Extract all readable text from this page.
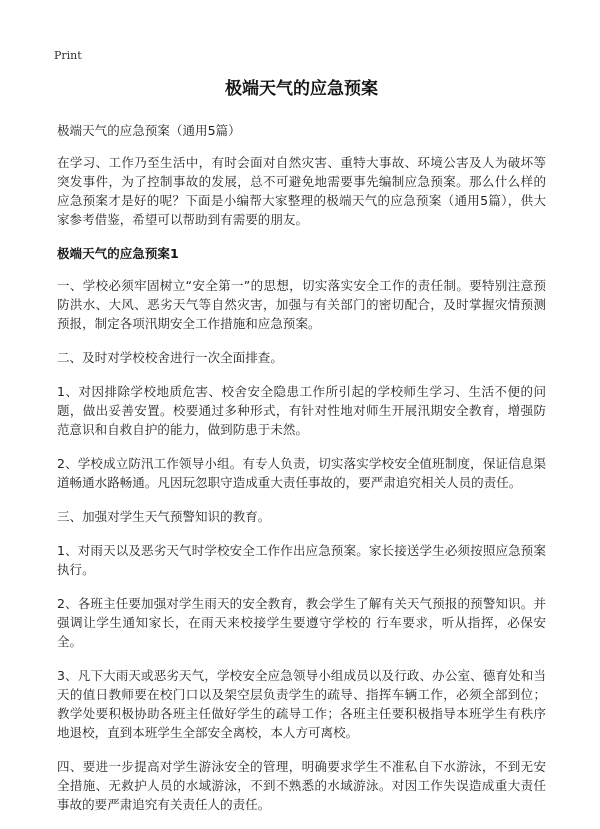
Print
极端天气的应急预案

极端天气的应急预案（通用5篇）

在学习、工作乃至生活中，有时会面对自然灾害、重特大事故、环境公害及人为破坏等突发事件，为了控制事故的发展，总不可避免地需要事先编制应急预案。那么什么样的应急预案才是好的呢？下面是小编帮大家整理的极端天气的应急预案（通用5篇），供大家参考借鉴，希望可以帮助到有需要的朋友。

极端天气的应急预案1

一、学校必须牢固树立“安全第一”的思想，切实落实安全工作的责任制。要特别注意预防洪水、大风、恶劣天气等自然灾害，加强与有关部门的密切配合，及时掌握灾情预测预报，制定各项汛期安全工作措施和应急预案。

二、及时对学校校舍进行一次全面排查。

1、对因排除学校地质危害、校舍安全隐患工作所引起的学校师生学习、生活不便的问题，做出妥善安置。校要通过多种形式，有针对性地对师生开展汛期安全教育，增强防范意识和自救自护的能力，做到防患于未然。

2、学校成立防汛工作领导小组。有专人负责，切实落实学校安全值班制度，保证信息渠道畅通水路畅通。凡因玩忽职守造成重大责任事故的，要严肃追究相关人员的责任。

三、加强对学生天气预警知识的教育。

1、对雨天以及恶劣天气时学校安全工作作出应急预案。家长接送学生必须按照应急预案执行。

2、各班主任要加强对学生雨天的安全教育，教会学生了解有关天气预报的预警知识。并强调让学生通知家长，在雨天来校接学生要遵守学校的 行车要求，听从指挥，必保安全。

3、凡下大雨天或恶劣天气，学校安全应急领导小组成员以及行政、办公室、德育处和当天的值日教师要在校门口以及架空层负责学生的疏导、指挥车辆工作，必须全部到位；教学处要积极协助各班主任做好学生的疏导工作；各班主任要积极指导本班学生有秩序地退校，直到本班学生全部安全离校，本人方可离校。

四、要进一步提高对学生游泳安全的管理，明确要求学生不准私自下水游泳，不到无安全措施、无救护人员的水域游泳，不到不熟悉的水域游泳。对因工作失误造成重大责任事故的要严肃追究有关责任人的责任。
